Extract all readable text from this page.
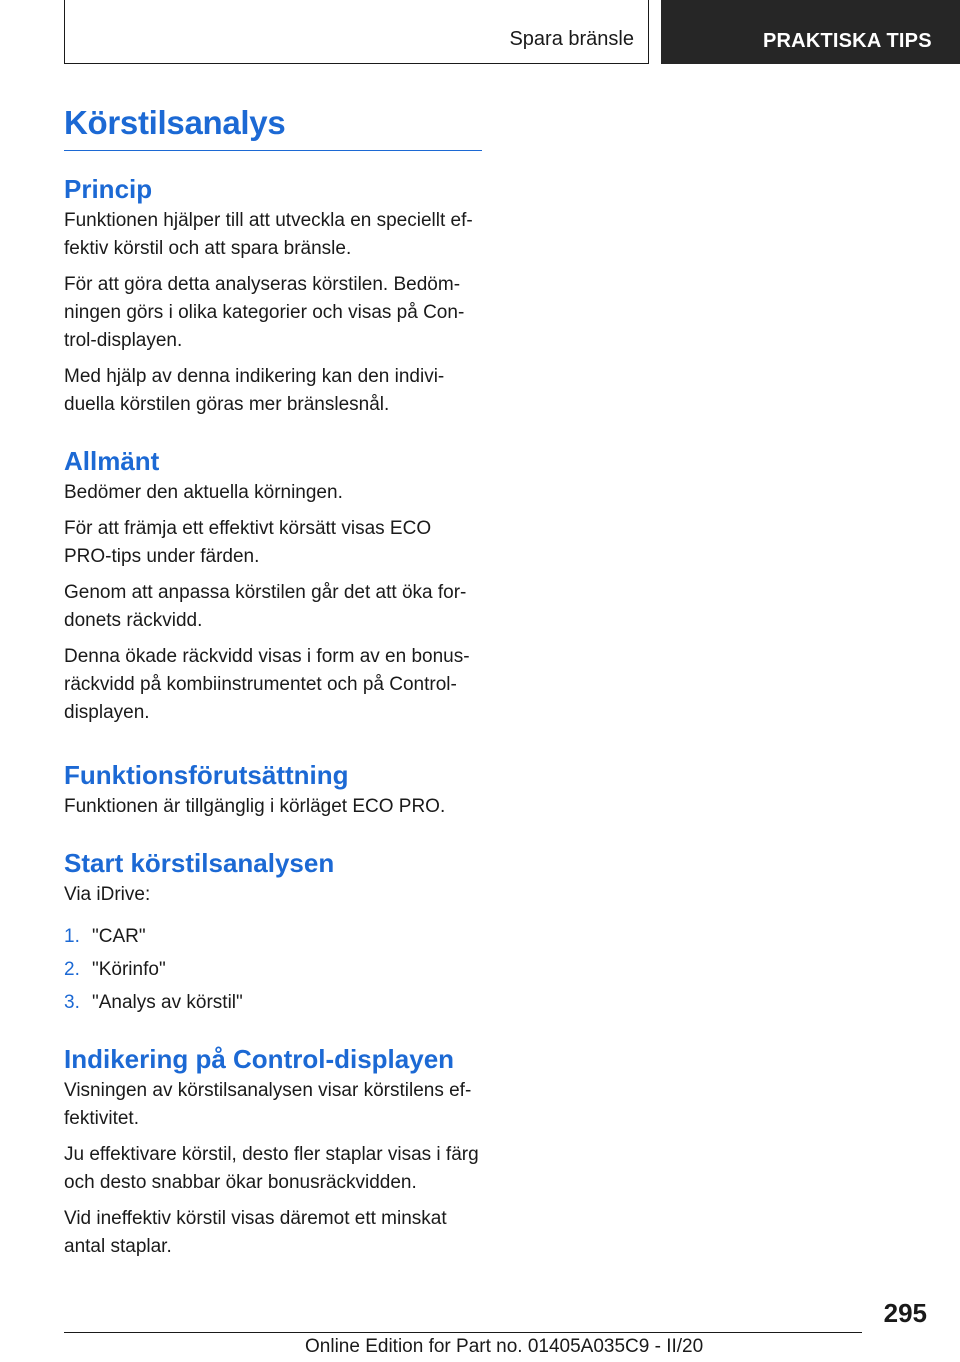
Spara bränsle	PRAKTISKA TIPS
Körstilsanalys
Princip

Funktionen hjälper till att utveckla en speciellt ef-fektiv körstil och att spara bränsle.

För att göra detta analyseras körstilen. Bedöm-ningen görs i olika kategorier och visas på Con-trol-displayen.

Med hjälp av denna indikering kan den indivi-duella körstilen göras mer bränslesnål.

Allmänt

Bedömer den aktuella körningen.

För att främja ett effektivt körsätt visas ECO PRO-tips under färden.

Genom att anpassa körstilen går det att öka for-donets räckvidd.

Denna ökade räckvidd visas i form av en bonus-räckvidd på kombiinstrumentet och på Control-displayen.

Funktionsförutsättning

Funktionen är tillgänglig i körläget ECO PRO.

Start körstilsanalysen

Via iDrive:

1. "CAR"
2. "Körinfo"
3. "Analys av körstil"
Indikering på Control-displayen

Visningen av körstilsanalysen visar körstilens ef-fektivitet.

Ju effektivare körstil, desto fler staplar visas i färg och desto snabbar ökar bonusräckvidden.

Vid ineffektiv körstil visas däremot ett minskat antal staplar.

295
Online Edition for Part no. 01405A035C9 - II/20
